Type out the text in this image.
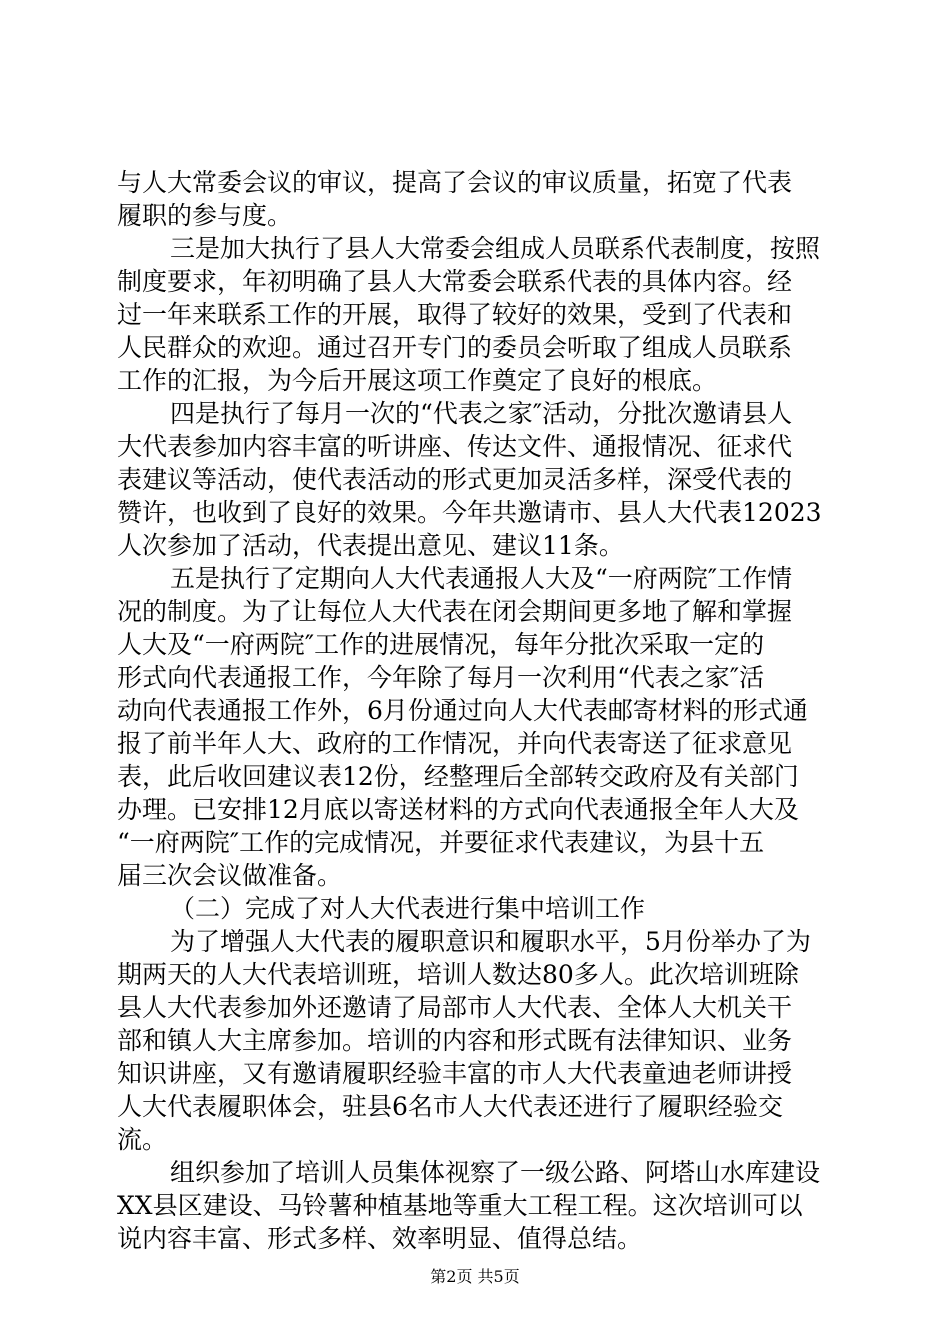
与人大常委会议的审议，提高了会议的审议质量，拓宽了代表
履职的参与度。
三是加大执行了县人大常委会组成人员联系代表制度，按照
制度要求，年初明确了县人大常委会联系代表的具体内容。经
过一年来联系工作的开展，取得了较好的效果，受到了代表和
人民群众的欢迎。通过召开专门的委员会听取了组成人员联系
工作的汇报，为今后开展这项工作奠定了良好的根底。
四是执行了每月一次的“代表之家″活动，分批次邀请县人
大代表参加内容丰富的听讲座、传达文件、通报情况、征求代
表建议等活动，使代表活动的形式更加灵活多样，深受代表的
赞许，也收到了良好的效果。今年共邀请市、县人大代表12023
人次参加了活动，代表提出意见、建议11条。
五是执行了定期向人大代表通报人大及“一府两院″工作情
况的制度。为了让每位人大代表在闭会期间更多地了解和掌握
人大及“一府两院″工作的进展情况，每年分批次采取一定的
形式向代表通报工作，今年除了每月一次利用“代表之家″活
动向代表通报工作外，6月份通过向人大代表邮寄材料的形式通
报了前半年人大、政府的工作情况，并向代表寄送了征求意见
表，此后收回建议表12份，经整理后全部转交政府及有关部门
办理。已安排12月底以寄送材料的方式向代表通报全年人大及
“一府两院″工作的完成情况，并要征求代表建议，为县十五
届三次会议做准备。
（二）完成了对人大代表进行集中培训工作
为了增强人大代表的履职意识和履职水平，5月份举办了为
期两天的人大代表培训班，培训人数达80多人。此次培训班除
县人大代表参加外还邀请了局部市人大代表、全体人大机关干
部和镇人大主席参加。培训的内容和形式既有法律知识、业务
知识讲座，又有邀请履职经验丰富的市人大代表童迪老师讲授
人大代表履职体会，驻县6名市人大代表还进行了履职经验交
流。
组织参加了培训人员集体视察了一级公路、阿塔山水库建设
XX县区建设、马铃薯种植基地等重大工程工程。这次培训可以
说内容丰富、形式多样、效率明显、值得总结。
第2页 共5页
